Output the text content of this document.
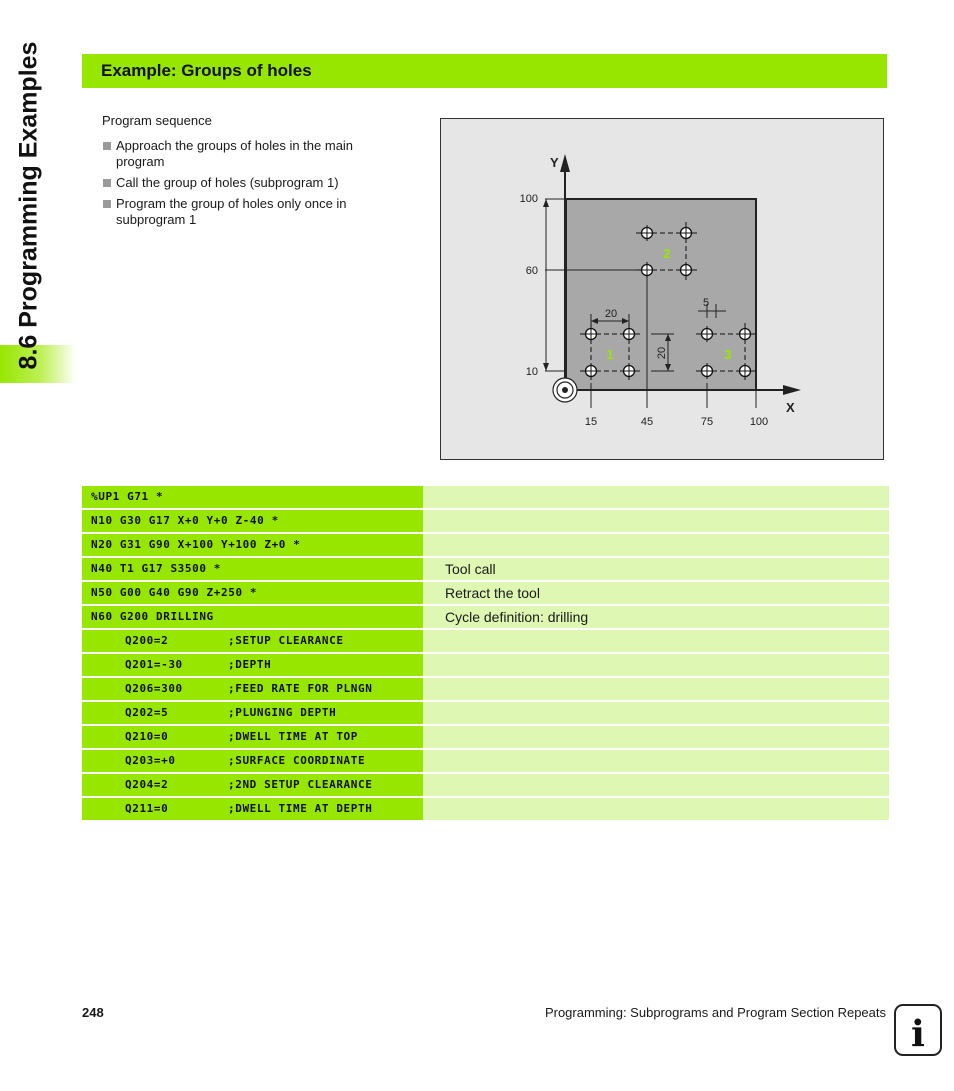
8.6 Programming Examples	Example: Groups of holes
Program sequence
Approach the groups of holes in the main program
Call the group of holes (subprogram 1)
Program the group of holes only once in subprogram 1
Y
X
100
60
10
15	45	75	100
20
5
20
1
2
3
%UP1 G71 *
N10 G30 G17 X+0 Y+0 Z-40 *
N20 G31 G90 X+100 Y+100 Z+0 *
N40 T1 G17 S3500 *	Tool call
N50 G00 G40 G90 Z+250 *	Retract the tool
N60 G200 DRILLING	Cycle definition: drilling
Q200=2	;SETUP CLEARANCE
Q201=-30	;DEPTH
Q206=300	;FEED RATE FOR PLNGN
Q202=5	;PLUNGING DEPTH
Q210=0	;DWELL TIME AT TOP
Q203=+0	;SURFACE COORDINATE
Q204=2	;2ND SETUP CLEARANCE
Q211=0	;DWELL TIME AT DEPTH
248	Programming: Subprograms and Program Section Repeats i
